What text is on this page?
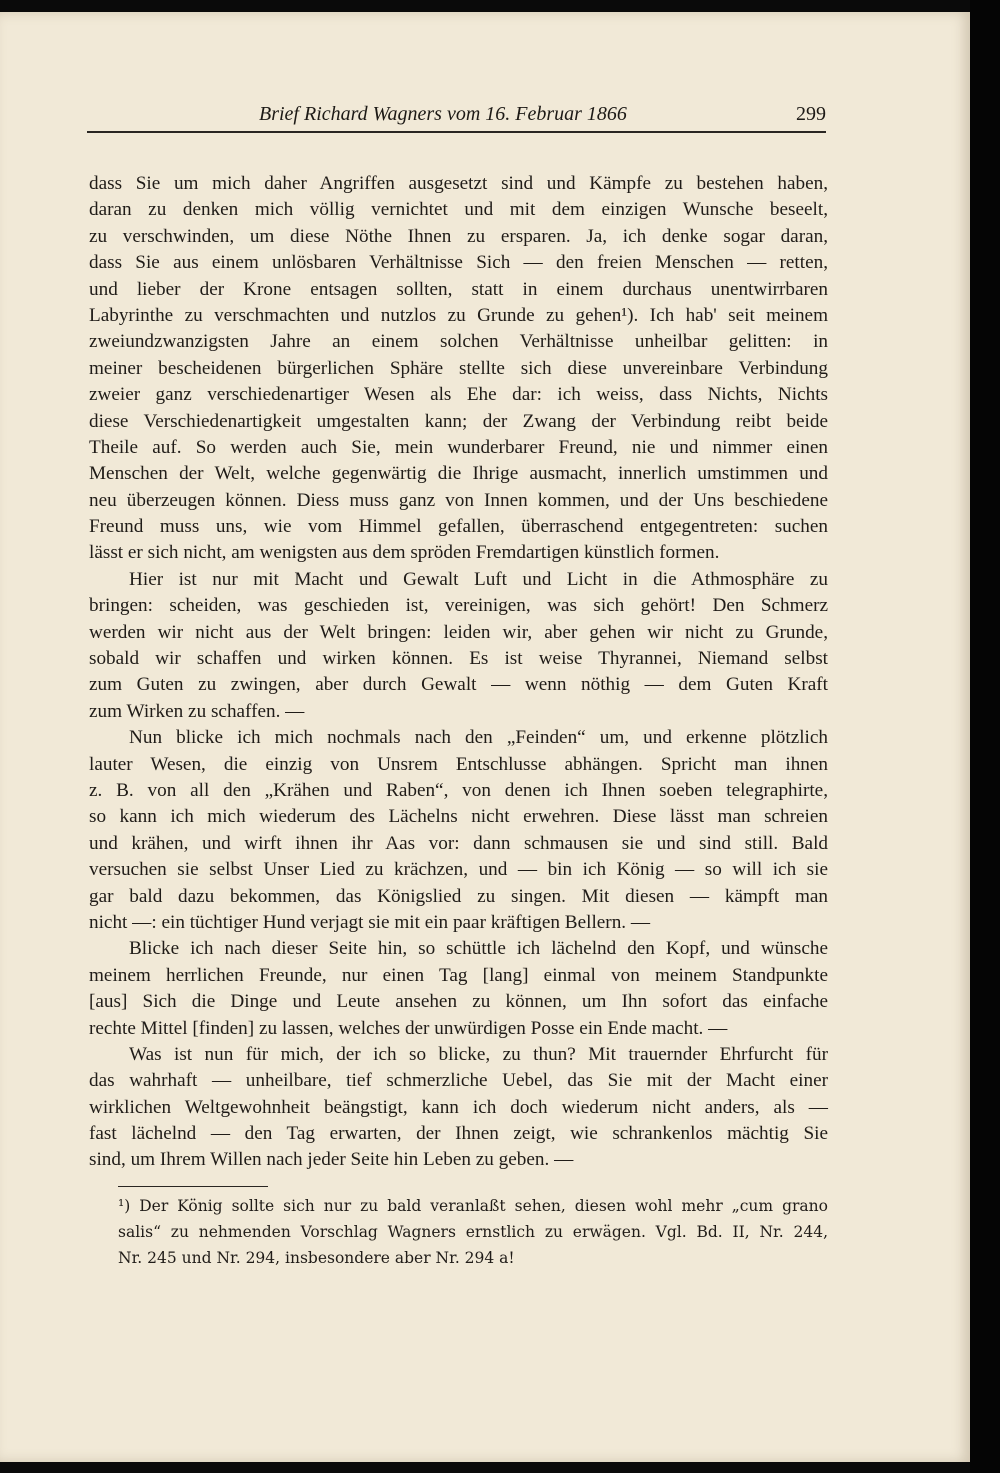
Brief Richard Wagners vom 16. Februar 1866	299
dass Sie um mich daher Angriffen ausgesetzt sind und Kämpfe zu bestehen haben,
daran zu denken mich völlig vernichtet und mit dem einzigen Wunsche beseelt,
zu verschwinden, um diese Nöthe Ihnen zu ersparen. Ja, ich denke sogar daran,
dass Sie aus einem unlösbaren Verhältnisse Sich — den freien Menschen — retten,
und lieber der Krone entsagen sollten, statt in einem durchaus unentwirrbaren
Labyrinthe zu verschmachten und nutzlos zu Grunde zu gehen¹). Ich hab' seit meinem
zweiundzwanzigsten Jahre an einem solchen Verhältnisse unheilbar gelitten: in
meiner bescheidenen bürgerlichen Sphäre stellte sich diese unvereinbare Verbindung
zweier ganz verschiedenartiger Wesen als Ehe dar: ich weiss, dass Nichts, Nichts
diese Verschiedenartigkeit umgestalten kann; der Zwang der Verbindung reibt beide
Theile auf. So werden auch Sie, mein wunderbarer Freund, nie und nimmer einen
Menschen der Welt, welche gegenwärtig die Ihrige ausmacht, innerlich umstimmen und
neu überzeugen können. Diess muss ganz von Innen kommen, und der Uns beschiedene
Freund muss uns, wie vom Himmel gefallen, überraschend entgegentreten: suchen
lässt er sich nicht, am wenigsten aus dem spröden Fremdartigen künstlich formen.
Hier ist nur mit Macht und Gewalt Luft und Licht in die Athmosphäre zu
bringen: scheiden, was geschieden ist, vereinigen, was sich gehört! Den Schmerz
werden wir nicht aus der Welt bringen: leiden wir, aber gehen wir nicht zu Grunde,
sobald wir schaffen und wirken können. Es ist weise Thyrannei, Niemand selbst
zum Guten zu zwingen, aber durch Gewalt — wenn nöthig — dem Guten Kraft
zum Wirken zu schaffen. —
Nun blicke ich mich nochmals nach den „Feinden“ um, und erkenne plötzlich
lauter Wesen, die einzig von Unsrem Entschlusse abhängen. Spricht man ihnen
z. B. von all den „Krähen und Raben“, von denen ich Ihnen soeben telegraphirte,
so kann ich mich wiederum des Lächelns nicht erwehren. Diese lässt man schreien
und krähen, und wirft ihnen ihr Aas vor: dann schmausen sie und sind still. Bald
versuchen sie selbst Unser Lied zu krächzen, und — bin ich König — so will ich sie
gar bald dazu bekommen, das Königslied zu singen. Mit diesen — kämpft man
nicht —: ein tüchtiger Hund verjagt sie mit ein paar kräftigen Bellern. —
Blicke ich nach dieser Seite hin, so schüttle ich lächelnd den Kopf, und wünsche
meinem herrlichen Freunde, nur einen Tag [lang] einmal von meinem Standpunkte
[aus] Sich die Dinge und Leute ansehen zu können, um Ihn sofort das einfache
rechte Mittel [finden] zu lassen, welches der unwürdigen Posse ein Ende macht. —
Was ist nun für mich, der ich so blicke, zu thun? Mit trauernder Ehrfurcht für
das wahrhaft — unheilbare, tief schmerzliche Uebel, das Sie mit der Macht einer
wirklichen Weltgewohnheit beängstigt, kann ich doch wiederum nicht anders, als —
fast lächelnd — den Tag erwarten, der Ihnen zeigt, wie schrankenlos mächtig Sie
sind, um Ihrem Willen nach jeder Seite hin Leben zu geben. —
¹) Der König sollte sich nur zu bald veranlaßt sehen, diesen wohl mehr „cum grano
salis“ zu nehmenden Vorschlag Wagners ernstlich zu erwägen. Vgl. Bd. II, Nr. 244,
Nr. 245 und Nr. 294, insbesondere aber Nr. 294 a!
